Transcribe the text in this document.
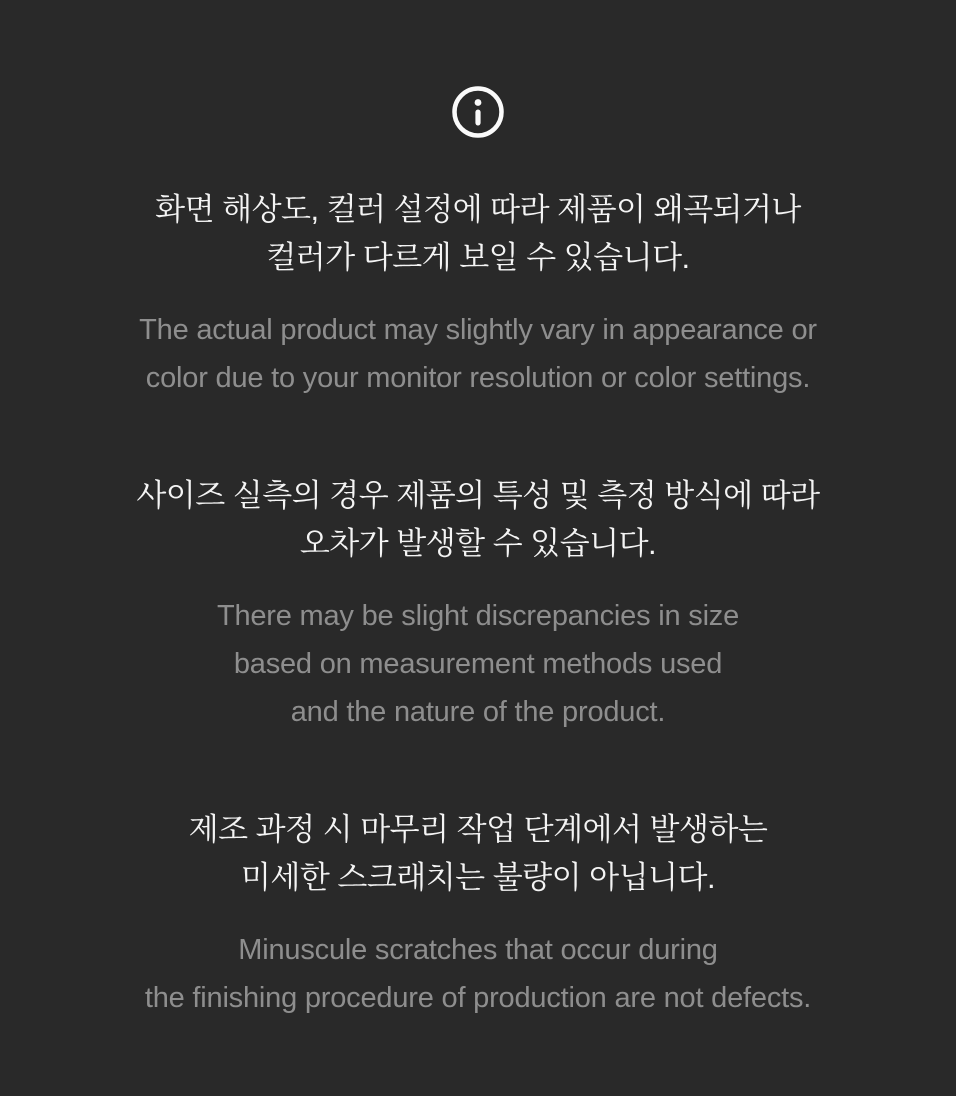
화면 해상도, 컬러 설정에 따라 제품이 왜곡되거나
컬러가 다르게 보일 수 있습니다.
The actual product may slightly vary in appearance or
color due to your monitor resolution or color settings.
사이즈 실측의 경우 제품의 특성 및 측정 방식에 따라
오차가 발생할 수 있습니다.
There may be slight discrepancies in size
based on measurement methods used
and the nature of the product.
제조 과정 시 마무리 작업 단계에서 발생하는
미세한 스크래치는 불량이 아닙니다.
Minuscule scratches that occur during
the finishing procedure of production are not defects.
